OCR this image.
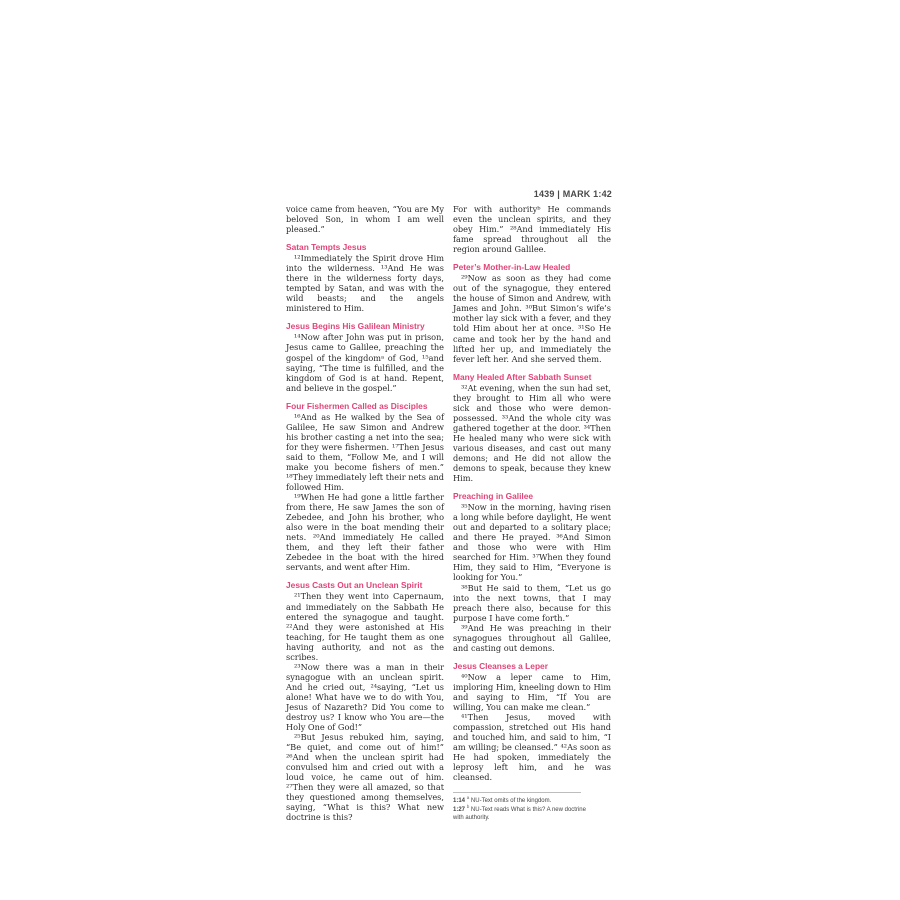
1439 | MARK 1:42

voice came from heaven, “You are My beloved Son, in whom I am well pleased.”

Satan Tempts Jesus

¹²Immediately the Spirit drove Him into the wilderness. ¹³And He was there in the wilderness forty days, tempted by Satan, and was with the wild beasts; and the angels ministered to Him.

Jesus Begins His Galilean Ministry

¹⁴Now after John was put in prison, Jesus came to Galilee, preaching the gospel of the kingdomᵃ of God, ¹⁵and saying, “The time is fulfilled, and the kingdom of God is at hand. Repent, and believe in the gospel.”

Four Fishermen Called as Disciples

¹⁶And as He walked by the Sea of Galilee, He saw Simon and Andrew his brother casting a net into the sea; for they were fishermen. ¹⁷Then Jesus said to them, “Follow Me, and I will make you become fishers of men.” ¹⁸They immediately left their nets and followed Him.

¹⁹When He had gone a little farther from there, He saw James the son of Zebedee, and John his brother, who also were in the boat mending their nets. ²⁰And immediately He called them, and they left their father Zebedee in the boat with the hired servants, and went after Him.

Jesus Casts Out an Unclean Spirit

²¹Then they went into Capernaum, and immediately on the Sabbath He entered the synagogue and taught. ²²And they were astonished at His teaching, for He taught them as one having authority, and not as the scribes.

²³Now there was a man in their synagogue with an unclean spirit. And he cried out, ²⁴saying, “Let us alone! What have we to do with You, Jesus of Nazareth? Did You come to destroy us? I know who You are—the Holy One of God!”

²⁵But Jesus rebuked him, saying, “Be quiet, and come out of him!” ²⁶And when the unclean spirit had convulsed him and cried out with a loud voice, he came out of him. ²⁷Then they were all amazed, so that they questioned among themselves, saying, “What is this? What new doctrine is this?

For with authorityᵇ He commands even the unclean spirits, and they obey Him.” ²⁸And immediately His fame spread throughout all the region around Galilee.

Peter’s Mother-in-Law Healed

²⁹Now as soon as they had come out of the synagogue, they entered the house of Simon and Andrew, with James and John. ³⁰But Simon’s wife’s mother lay sick with a fever, and they told Him about her at once. ³¹So He came and took her by the hand and lifted her up, and immediately the fever left her. And she served them.

Many Healed After Sabbath Sunset

³²At evening, when the sun had set, they brought to Him all who were sick and those who were demon-possessed. ³³And the whole city was gathered together at the door. ³⁴Then He healed many who were sick with various diseases, and cast out many demons; and He did not allow the demons to speak, because they knew Him.

Preaching in Galilee

³⁵Now in the morning, having risen a long while before daylight, He went out and departed to a solitary place; and there He prayed. ³⁶And Simon and those who were with Him searched for Him. ³⁷When they found Him, they said to Him, “Everyone is looking for You.”

³⁸But He said to them, “Let us go into the next towns, that I may preach there also, because for this purpose I have come forth.”

³⁹And He was preaching in their synagogues throughout all Galilee, and casting out demons.

Jesus Cleanses a Leper

⁴⁰Now a leper came to Him, imploring Him, kneeling down to Him and saying to Him, “If You are willing, You can make me clean.”

⁴¹Then Jesus, moved with compassion, stretched out His hand and touched him, and said to him, “I am willing; be cleansed.” ⁴²As soon as He had spoken, immediately the leprosy left him, and he was cleansed.

1:14 $^a$ NU-Text omits of the kingdom.
1:27 $^b$ NU-Text reads What is this? A new doctrine
with authority.
